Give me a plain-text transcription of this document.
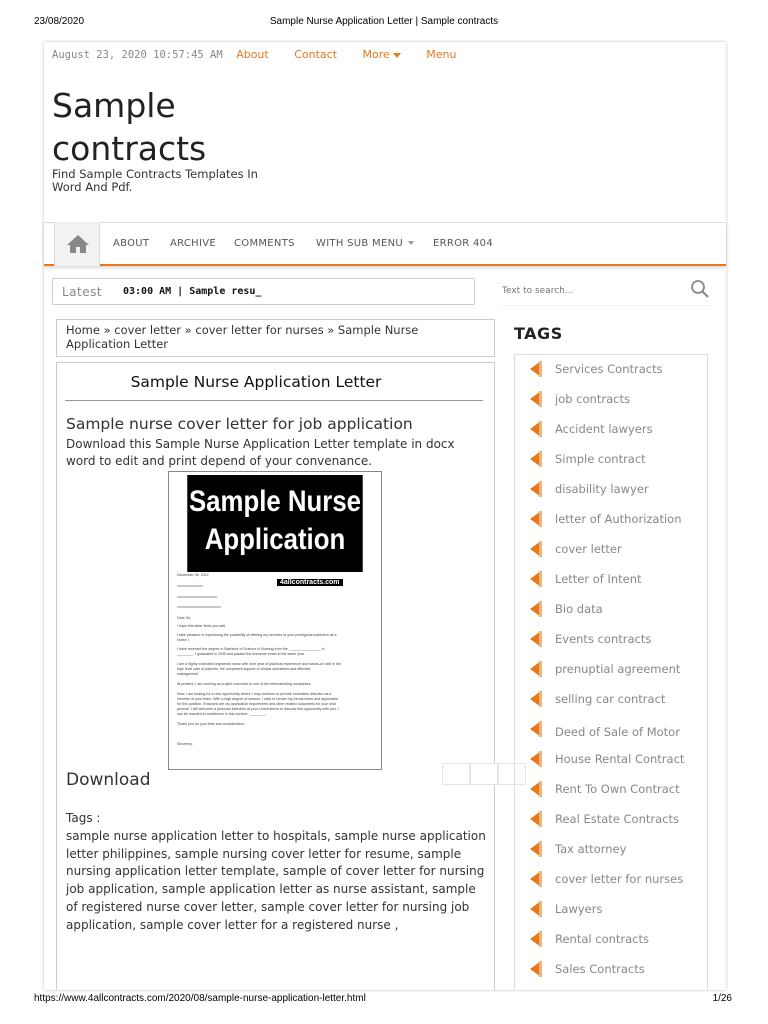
23/08/2020	Sample Nurse Application Letter | Sample contracts
August 23, 2020 10:57:45 AM About Contact More	Menu
Sample contracts
Find Sample Contracts Templates In Word And Pdf.
ABOUT ARCHIVE COMMENTS WITH SUB MENU	ERROR 404
Latest 03:00 AM | Sample resu_
Text to search...
Home » cover letter » cover letter for nurses » Sample Nurse Application Letter
Sample Nurse Application Letter
Sample nurse cover letter for job application
Download this Sample Nurse Application Letter template in docx word to edit and print depend of your convenance.
Sample Nurse Application
4allcontracts.com
December 06, 2012
Dear Sir,
I hope this letter finds you well.
I take pleasure in expressing the possibility of offering my services to your prestigious institution as a
Nurse I.
I have received the degree in Bachelor of Science in Nursing from the ________________ in
________. I graduated in 2005 and passed the licensure exam in the same year.
I am a highly motivated registered nurse with nine year of practical experience and hands-on skill in the
high level care of patients, the competent support of clinical operations and effective
management.
At present, I am working as project executive in one of the telemarketing companies.
Now, I am looking for a new opportunity where I may continue to provide innovative direction as a
member of your team. With a high degree of esteem, I wish to render my formal intent and application
for this position. Enclosed are my application requirement and other related documents for your kind
perusal. I will welcome a personal interview at your convenience to discuss this opportunity with you. I
can be reached in confidence in this number: ________.
Thank you for your time and consideration.
Sincerely,
Download
Tags :
sample nurse application letter to hospitals, sample nurse application letter philippines, sample nursing cover letter for resume, sample nursing application letter template, sample of cover letter for nursing job application, sample application letter as nurse assistant, sample of registered nurse cover letter, sample cover letter for nursing job application, sample cover letter for a registered nurse ,
TAGS
Services Contracts
job contracts
Accident lawyers
Simple contract
disability lawyer
letter of Authorization
cover letter
Letter of Intent
Bio data
Events contracts
prenuptial agreement
selling car contract
Deed of Sale of Motor
House Rental Contract
Rent To Own Contract
Real Estate Contracts
Tax attorney
cover letter for nurses
Lawyers
Rental contracts
Sales Contracts
https://www.4allcontracts.com/2020/08/sample-nurse-application-letter.html	1/26
